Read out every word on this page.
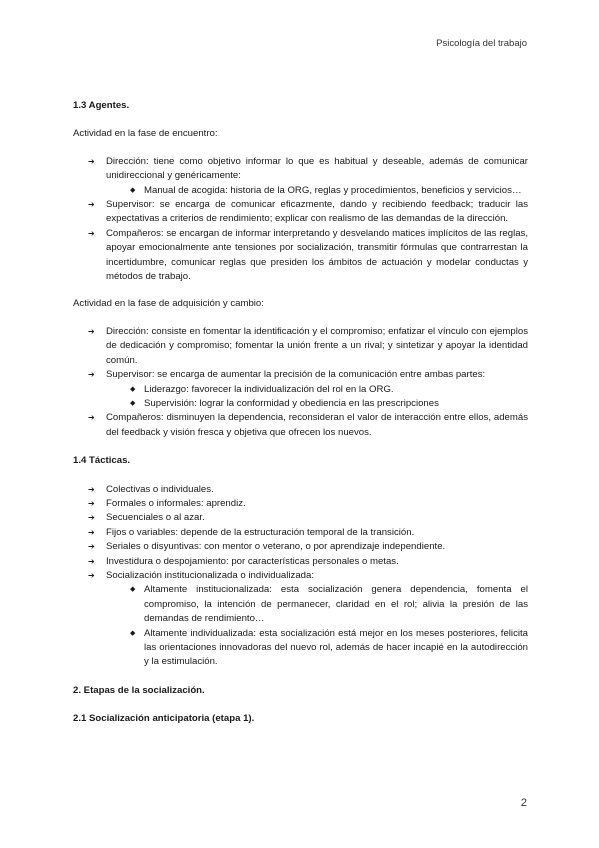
Psicología del trabajo

1.3 Agentes.

Actividad en la fase de encuentro:

➔ Dirección: tiene como objetivo informar lo que es habitual y deseable, además de comunicar unidireccional y genéricamente:
◆ Manual de acogida: historia de la ORG, reglas y procedimientos, beneficios y servicios…
➔ Supervisor: se encarga de comunicar eficazmente, dando y recibiendo feedback; traducir las expectativas a criterios de rendimiento; explicar con realismo de las demandas de la dirección.
➔ Compañeros: se encargan de informar interpretando y desvelando matices implícitos de las reglas, apoyar emocionalmente ante tensiones por socialización, transmitir fórmulas que contrarrestan la incertidumbre, comunicar reglas que presiden los ámbitos de actuación y modelar conductas y métodos de trabajo.

Actividad en la fase de adquisición y cambio:

➔ Dirección: consiste en fomentar la identificación y el compromiso; enfatizar el vínculo con ejemplos de dedicación y compromiso; fomentar la unión frente a un rival; y sintetizar y apoyar la identidad común.
➔ Supervisor: se encarga de aumentar la precisión de la comunicación entre ambas partes:
◆ Liderazgo: favorecer la individualización del rol en la ORG.
◆ Supervisión: lograr la conformidad y obediencia en las prescripciones
➔ Compañeros: disminuyen la dependencia, reconsideran el valor de interacción entre ellos, además del feedback y visión fresca y objetiva que ofrecen los nuevos.

1.4 Tácticas.

➔ Colectivas o individuales.
➔ Formales o informales: aprendiz.
➔ Secuenciales o al azar.
➔ Fijos o variables: depende de la estructuración temporal de la transición.
➔ Seriales o disyuntivas: con mentor o veterano, o por aprendizaje independiente.
➔ Investidura o despojamiento: por características personales o metas.
➔ Socialización institucionalizada o individualizada:
◆ Altamente institucionalizada: esta socialización genera dependencia, fomenta el compromiso, la intención de permanecer, claridad en el rol; alivia la presión de las demandas de rendimiento…
◆ Altamente individualizada: esta socialización está mejor en los meses posteriores, felicita las orientaciones innovadoras del nuevo rol, además de hacer incapié en la autodirección y la estimulación.

2. Etapas de la socialización.

2.1 Socialización anticipatoria (etapa 1).

2
